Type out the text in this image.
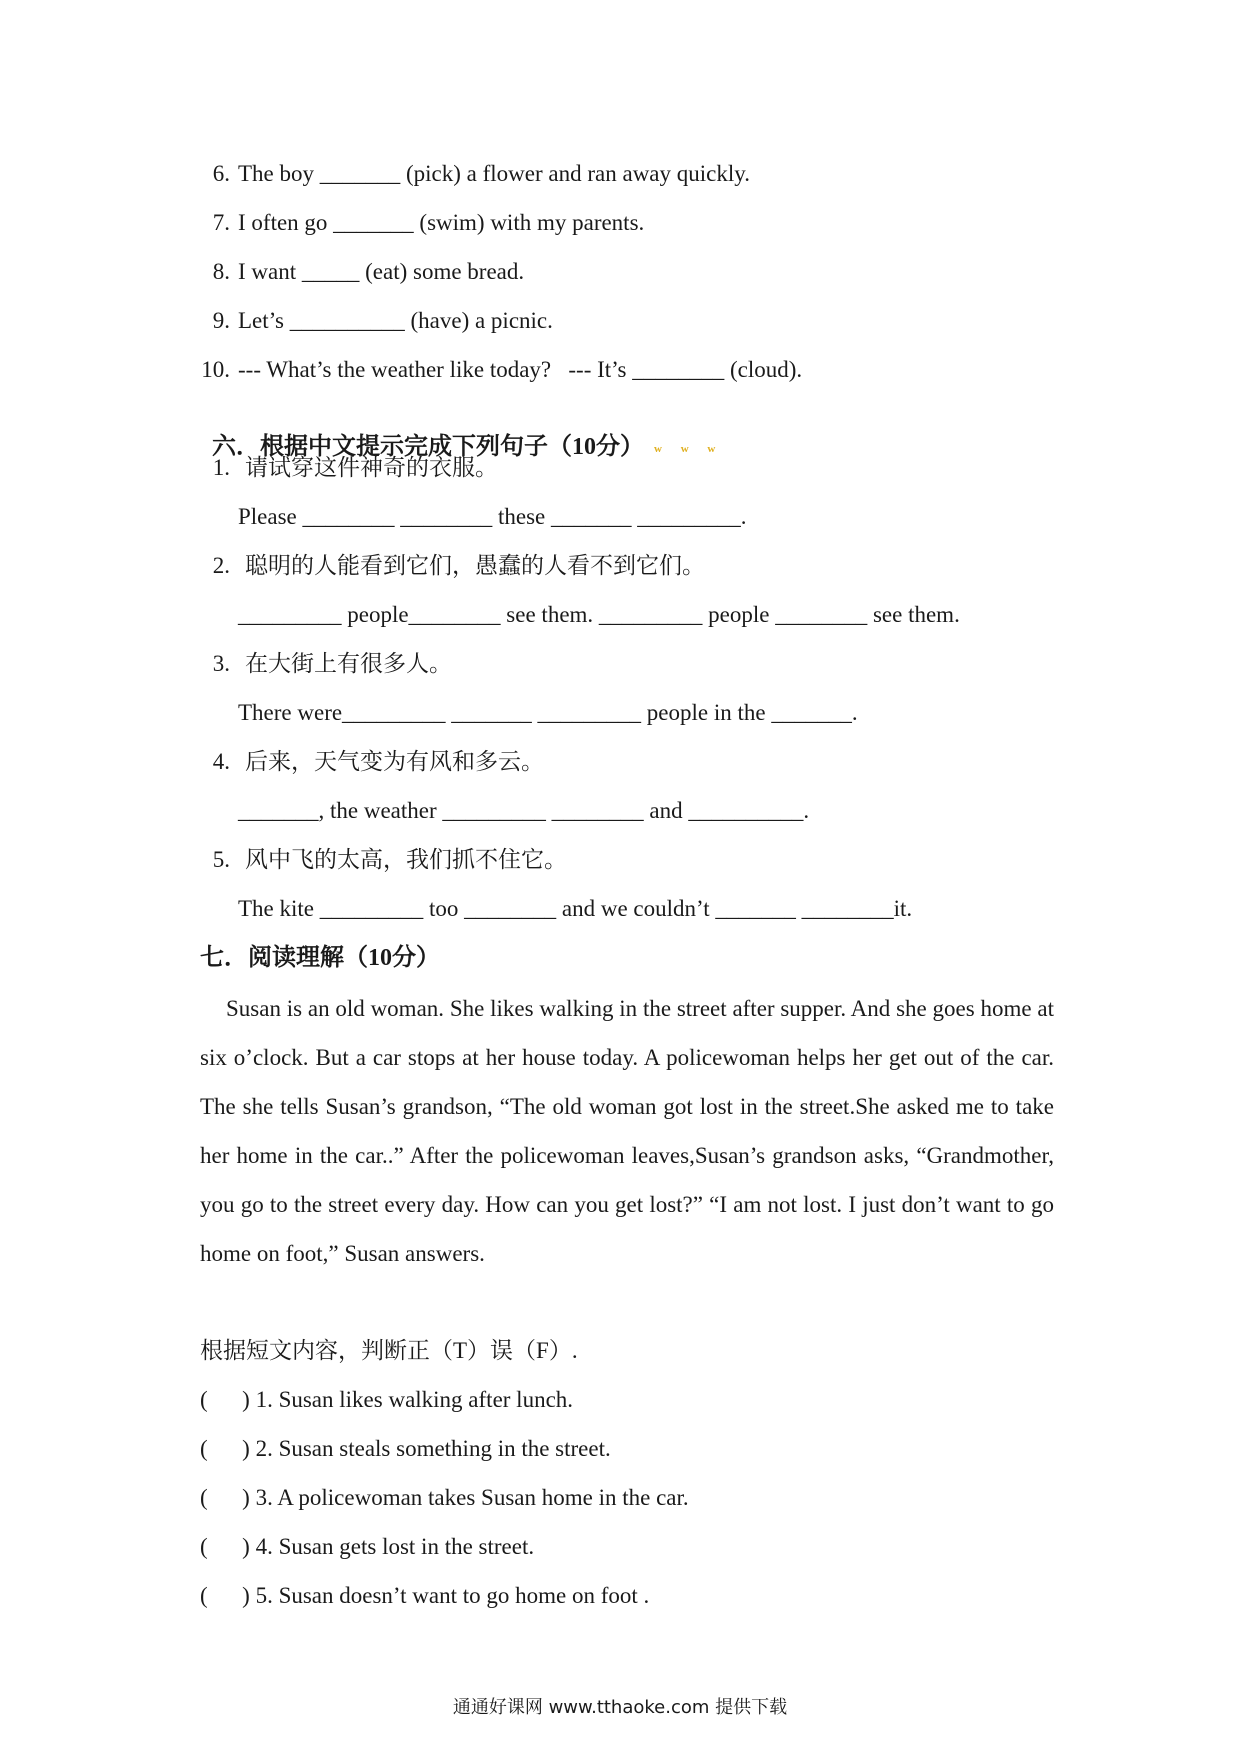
6. The boy _______ (pick) a flower and ran away quickly.
7. I often go _______ (swim) with my parents.
8. I want _____ (eat) some bread.
9. Let’s __________ (have) a picnic.
10. --- What’s the weather like today?   --- It’s ________ (cloud).

六．根据中文提示完成下列句子（10分） w w w

1. 请试穿这件神奇的衣服。
Please ________ ________ these _______ _________.
2. 聪明的人能看到它们，愚蠢的人看不到它们。
_________ people________ see them. _________ people ________ see them.
3. 在大街上有很多人。
There were_________ _______ _________ people in the _______.
4. 后来，天气变为有风和多云。
_______, the weather _________ ________ and __________.
5. 风中飞的太高，我们抓不住它。
The kite _________ too ________ and we couldn’t _______ ________it.
七．阅读理解（10分）
Susan is an old woman. She likes walking in the street after supper. And she goes home at six o’clock. But a car stops at her house today. A policewoman helps her get out of the car. The she tells Susan’s grandson, “The old woman got lost in the street.She asked me to take her home in the car..” After the policewoman leaves,Susan’s grandson asks, “Grandmother, you go to the street every day. How can you get lost?” “I am not lost. I just don’t want to go home on foot,” Susan answers.
根据短文内容，判断正（T）误（F）.
(      ) 1. Susan likes walking after lunch.
(      ) 2. Susan steals something in the street.
(      ) 3. A policewoman takes Susan home in the car.
(      ) 4. Susan gets lost in the street.
(      ) 5. Susan doesn’t want to go home on foot .
通通好课网 www.tthaoke.com 提供下载
